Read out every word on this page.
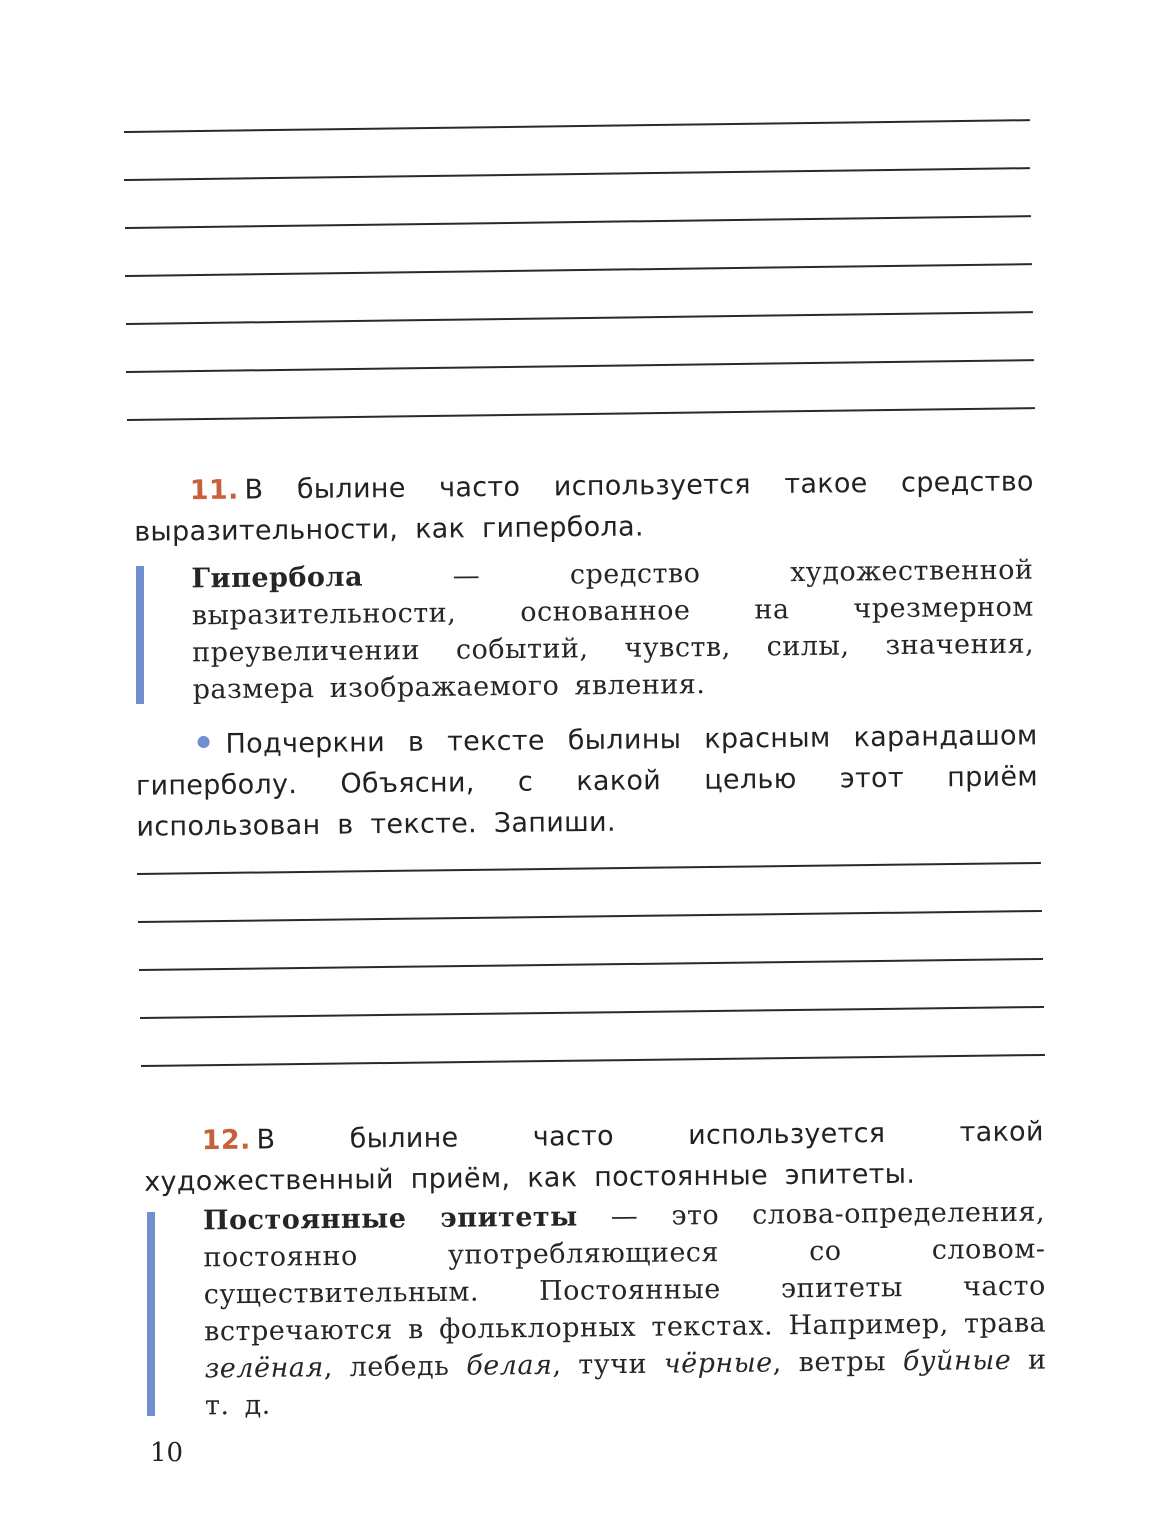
11. В былине часто используется такое средство выразительности, как гипербола.
Гипербола — средство художественной выразительности, основанное на чрезмерном преувеличении событий, чувств, силы, значения, размера изображаемого явления.
Подчеркни в тексте былины красным карандашом гиперболу. Объясни, с какой целью этот приём использован в тексте. Запиши.
12. В былине часто используется такой художественный приём, как постоянные эпитеты.
Постоянные эпитеты — это слова-определения, постоянно употребляющиеся со словом-существительным. Постоянные эпитеты часто встречаются в фольклорных текстах. Например, трава зелёная, лебедь белая, тучи чёрные, ветры буйные и т. д.
10
